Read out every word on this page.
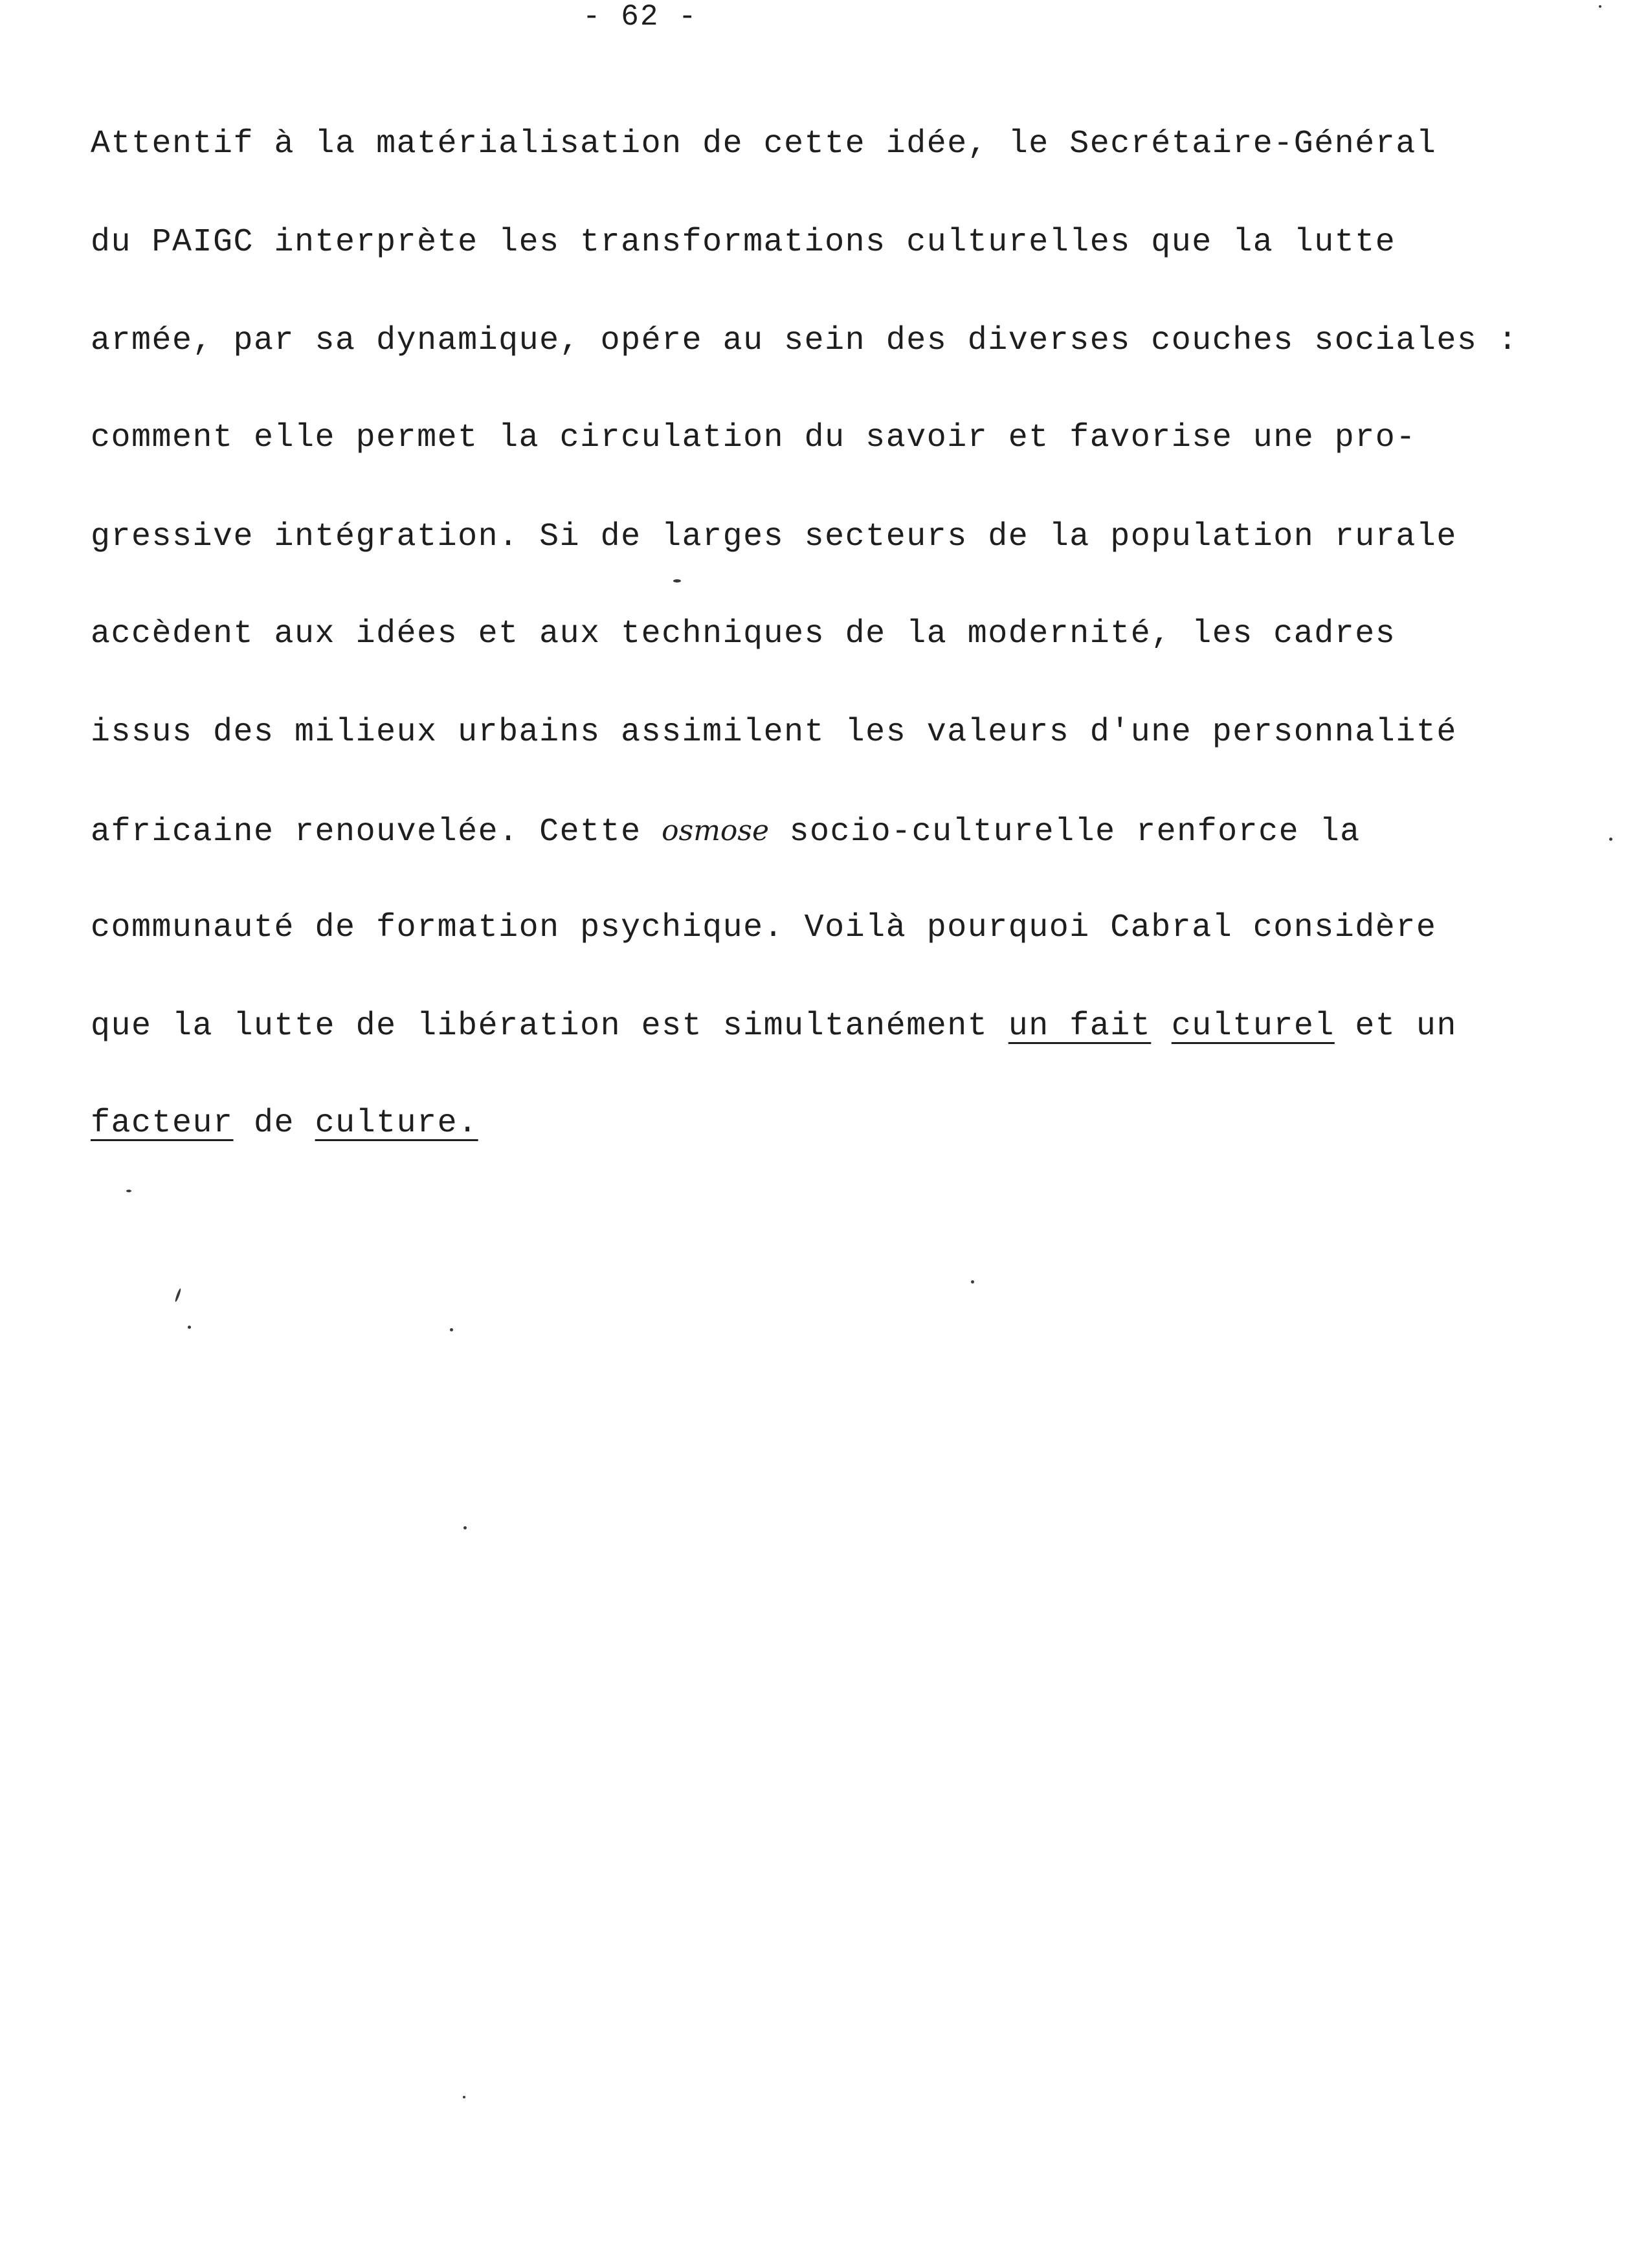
- 62 -
Attentif à la matérialisation de cette idée, le Secrétaire-Général
du PAIGC interprète les transformations culturelles que la lutte
armée, par sa dynamique, opére au sein des diverses couches sociales :
comment elle permet la circulation du savoir et favorise une pro-
gressive intégration. Si de larges secteurs de la population rurale
accèdent aux idées et aux techniques de la modernité, les cadres
issus des milieux urbains assimilent les valeurs d'une personnalité
africaine renouvelée. Cette osmose socio-culturelle renforce la
communauté de formation psychique. Voilà pourquoi Cabral considère
que la lutte de libération est simultanément un fait culturel et un
facteur de culture.
